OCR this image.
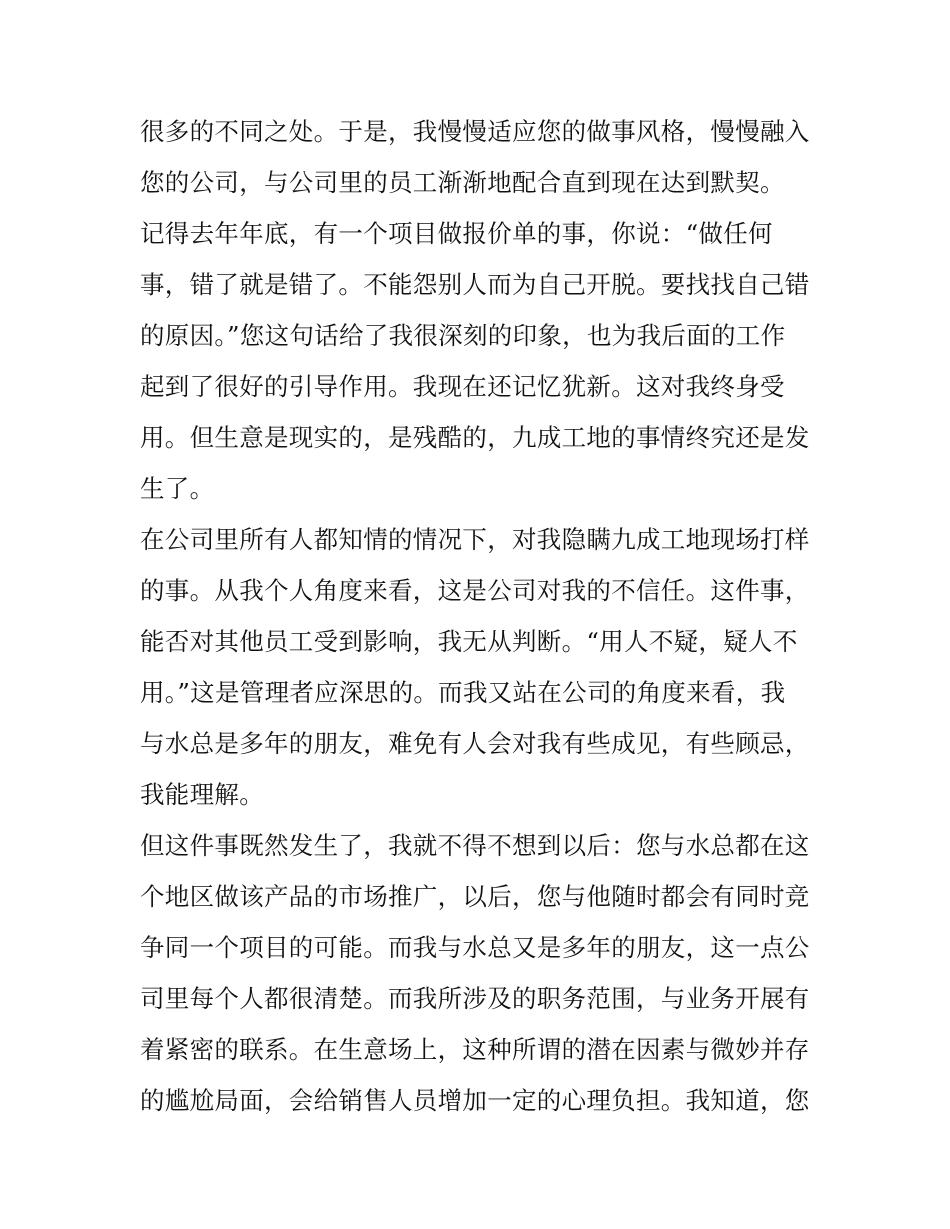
很多的不同之处。于是，我慢慢适应您的做事风格，慢慢融入
您的公司，与公司里的员工渐渐地配合直到现在达到默契。
记得去年年底，有一个项目做报价单的事，你说：“做任何
事，错了就是错了。不能怨别人而为自己开脱。要找找自己错
的原因。”您这句话给了我很深刻的印象，也为我后面的工作
起到了很好的引导作用。我现在还记忆犹新。这对我终身受
用。但生意是现实的，是残酷的，九成工地的事情终究还是发
生了。
在公司里所有人都知情的情况下，对我隐瞒九成工地现场打样
的事。从我个人角度来看，这是公司对我的不信任。这件事，
能否对其他员工受到影响，我无从判断。“用人不疑，疑人不
用。”这是管理者应深思的。而我又站在公司的角度来看，我
与水总是多年的朋友，难免有人会对我有些成见，有些顾忌，
我能理解。
但这件事既然发生了，我就不得不想到以后：您与水总都在这
个地区做该产品的市场推广，以后，您与他随时都会有同时竞
争同一个项目的可能。而我与水总又是多年的朋友，这一点公
司里每个人都很清楚。而我所涉及的职务范围，与业务开展有
着紧密的联系。在生意场上，这种所谓的潜在因素与微妙并存
的尴尬局面，会给销售人员增加一定的心理负担。我知道，您
